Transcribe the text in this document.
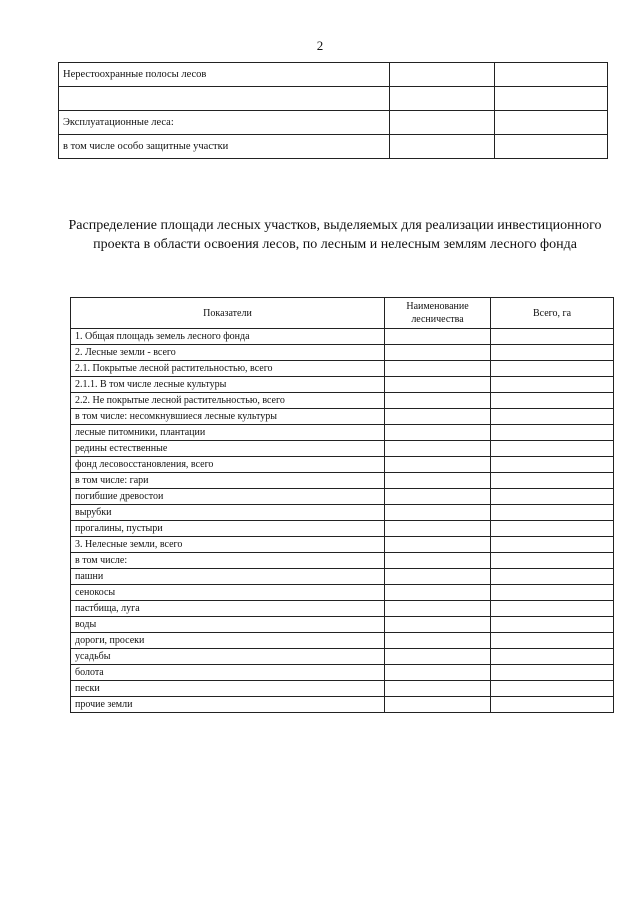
2
Нерестоохранные полосы лесов		

Эксплуатационные леса:		
в том числе особо защитные участки		
Распределение площади лесных участков, выделяемых для реализации инвестиционного проекта в области освоения лесов, по лесным и нелесным землям лесного фонда
Показатели	Наименование лесничества	Всего, га
1. Общая площадь земель лесного фонда		
2. Лесные земли - всего		
2.1. Покрытые лесной растительностью, всего		
2.1.1. В том числе лесные культуры		
2.2. Не покрытые лесной растительностью, всего		
в том числе: несомкнувшиеся лесные культуры		
лесные питомники, плантации		
редины естественные		
фонд лесовосстановления, всего		
в том числе: гари		
погибшие древостои		
вырубки		
прогалины, пустыри		
3. Нелесные земли, всего		
в том числе:		
пашни		
сенокосы		
пастбища, луга		
воды		
дороги, просеки		
усадьбы		
болота		
пески		
прочие земли		
